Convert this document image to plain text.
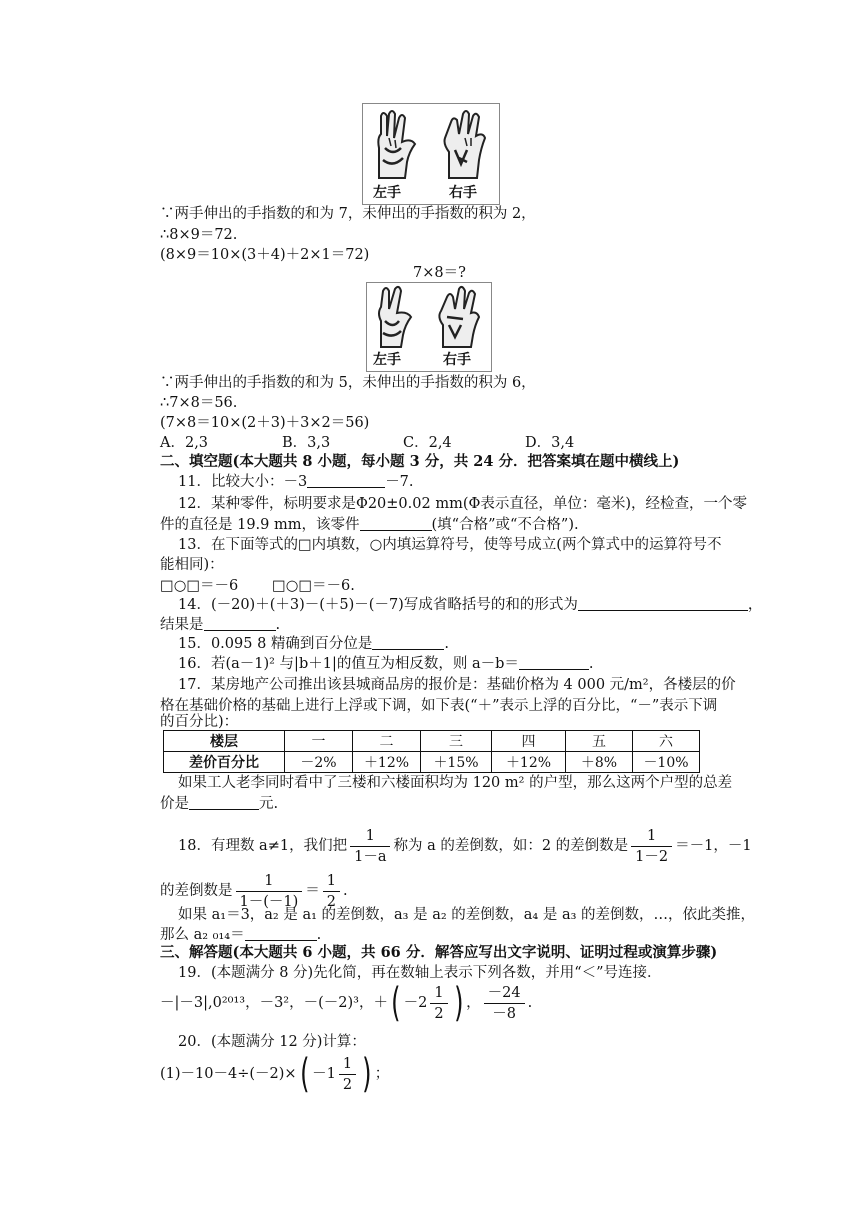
左手	右手
∵两手伸出的手指数的和为 7，未伸出的手指数的积为 2，
∴8×9＝72.
(8×9＝10×(3＋4)＋2×1＝72)
7×8＝?
左手	右手
∵两手伸出的手指数的和为 5，未伸出的手指数的积为 6，
∴7×8＝56.
(7×8＝10×(2＋3)＋3×2＝56)
A．2,3	B．3,3	C．2,4	D．3,4
二、填空题(本大题共 8 小题，每小题 3 分，共 24 分．把答案填在题中横线上)
11．比较大小：－3	－7.
12．某种零件，标明要求是Φ20±0.02 mm(Φ表示直径，单位：毫米)，经检查，一个零
件的直径是 19.9 mm，该零件	(填“合格”或“不合格”).
13．在下面等式的□内填数，○内填运算符号，使等号成立(两个算式中的运算符号不
能相同)：
□○□＝－6 □○□＝－6.
14．(－20)＋(＋3)－(＋5)－(－7)写成省略括号的和的形式为	，
结果是	.
15．0.095 8 精确到百分位是	.
16．若(a－1)² 与|b＋1|的值互为相反数，则 a－b＝	.
17．某房地产公司推出该县城商品房的报价是：基础价格为 4 000 元/m²，各楼层的价
格在基础价格的基础上进行上浮或下调，如下表(“＋”表示上浮的百分比，“－”表示下调
的百分比)：
楼层	一	二	三	四	五	六
差价百分比	－2%	＋12%	＋15%	＋12%	＋8%	－10%
如果工人老李同时看中了三楼和六楼面积均为 120 m² 的户型，那么这两个户型的总差
价是	元.
18．有理数 a≠1，我们把 $\frac{1}{1-a}$ 称为 a 的差倒数，如：2 的差倒数是 $\frac{1}{1-2} =-1$，－1
的差倒数是 $\frac{1}{1-(-1)} = \frac{1}{2}$ .
如果 a₁＝3，a₂ 是 a₁ 的差倒数，a₃ 是 a₂ 的差倒数，a₄ 是 a₃ 的差倒数，…，依此类推，
那么 a₂ ₀₁₄＝	.
三、解答题(本大题共 6 小题，共 66 分．解答应写出文字说明、证明过程或演算步骤)
19．(本题满分 8 分)先化简，再在数轴上表示下列各数，并用“＜”号连接．
－|－3|,0²⁰¹³，－3²，－(－2)³，＋ ( $-2 \frac{1}{2}$ ) ， $\frac{-24}{-8}$ .
20．(本题满分 12 分)计算：
(1)－10－4÷(－2)× ( $-1 \frac{1}{2}$ ) ；
